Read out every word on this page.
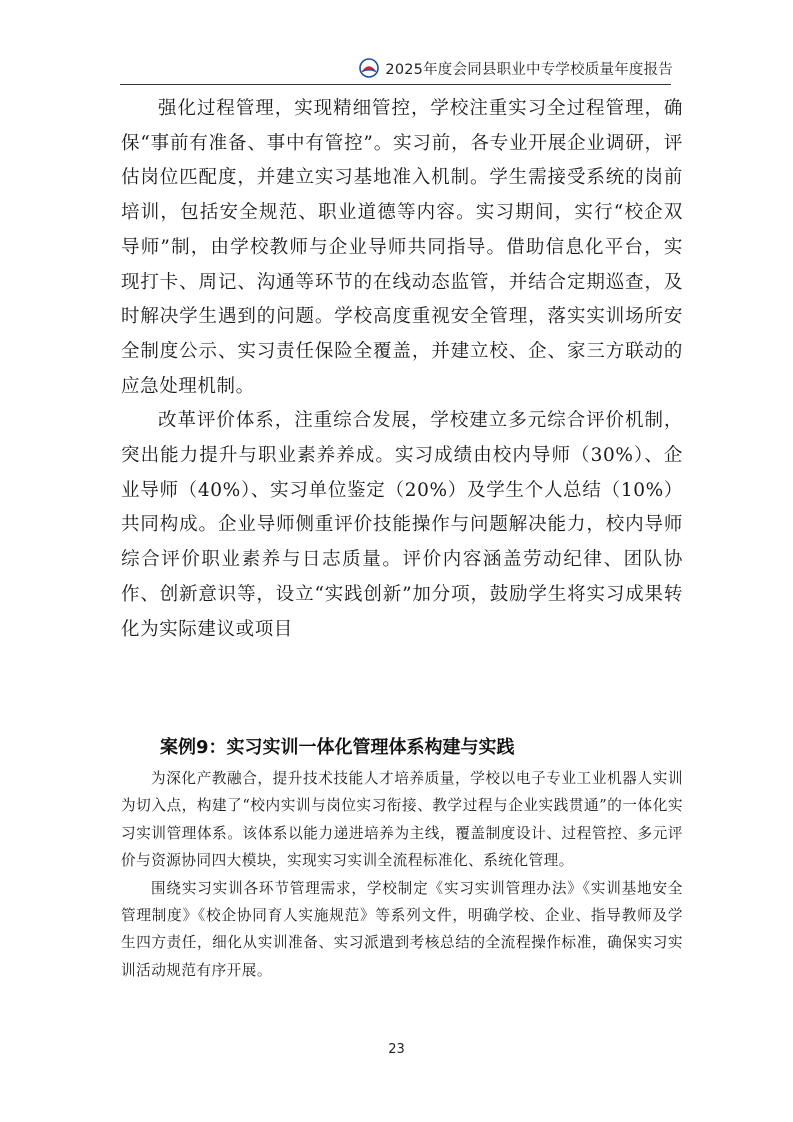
2025年度会同县职业中专学校质量年度报告

强化过程管理，实现精细管控，学校注重实习全过程管理，确保“事前有准备、事中有管控”。实习前，各专业开展企业调研，评估岗位匹配度，并建立实习基地准入机制。学生需接受系统的岗前培训，包括安全规范、职业道德等内容。实习期间，实行“校企双导师”制，由学校教师与企业导师共同指导。借助信息化平台，实现打卡、周记、沟通等环节的在线动态监管，并结合定期巡查，及时解决学生遇到的问题。学校高度重视安全管理，落实实训场所安全制度公示、实习责任保险全覆盖，并建立校、企、家三方联动的应急处理机制。

改革评价体系，注重综合发展，学校建立多元综合评价机制，突出能力提升与职业素养养成。实习成绩由校内导师（30%）、企业导师（40%）、实习单位鉴定（20%）及学生个人总结（10%）共同构成。企业导师侧重评价技能操作与问题解决能力，校内导师综合评价职业素养与日志质量。评价内容涵盖劳动纪律、团队协作、创新意识等，设立“实践创新”加分项，鼓励学生将实习成果转化为实际建议或项目

案例9：实习实训一体化管理体系构建与实践

为深化产教融合，提升技术技能人才培养质量，学校以电子专业工业机器人实训为切入点，构建了“校内实训与岗位实习衔接、教学过程与企业实践贯通”的一体化实习实训管理体系。该体系以能力递进培养为主线，覆盖制度设计、过程管控、多元评价与资源协同四大模块，实现实习实训全流程标准化、系统化管理。

围绕实习实训各环节管理需求，学校制定《实习实训管理办法》《实训基地安全管理制度》《校企协同育人实施规范》等系列文件，明确学校、企业、指导教师及学生四方责任，细化从实训准备、实习派遣到考核总结的全流程操作标准，确保实习实训活动规范有序开展。

23
